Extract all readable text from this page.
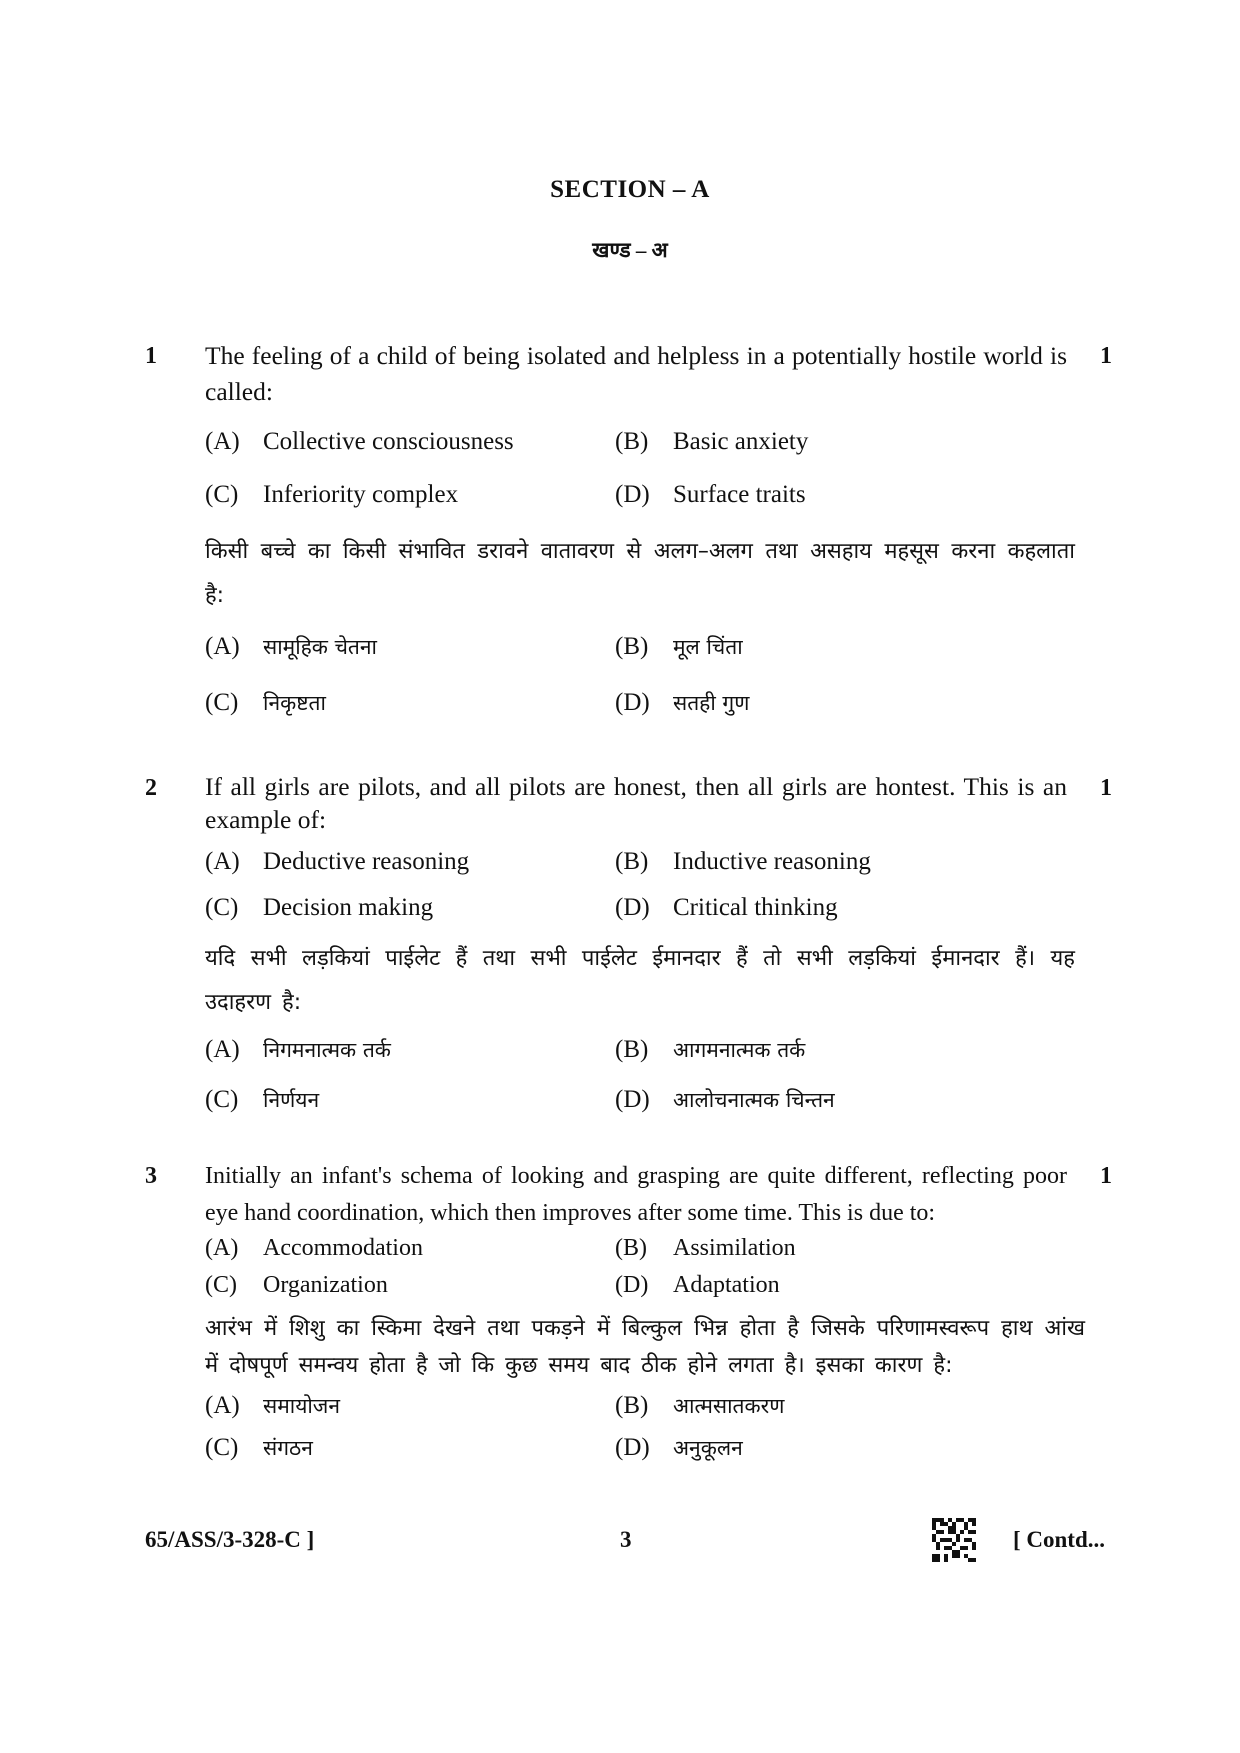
SECTION – A
खण्ड – अ
1	1
The feeling of a child of being isolated and helpless in a potentially hostile world is called:
(A) Collective consciousness	(B) Basic anxiety
(C) Inferiority complex	(D) Surface traits
किसी बच्चे का किसी संभावित डरावने वातावरण से अलग–अलग तथा असहाय महसूस करना कहलाता है:
(A) सामूहिक चेतना	(B) मूल चिंता
(C) निकृष्टता	(D) सतही गुण
2	1
If all girls are pilots, and all pilots are honest, then all girls are hontest. This is an example of:
(A) Deductive reasoning	(B) Inductive reasoning
(C) Decision making	(D) Critical thinking
यदि सभी लड़कियां पाईलेट हैं तथा सभी पाईलेट ईमानदार हैं तो सभी लड़कियां ईमानदार हैं। यह उदाहरण है:
(A) निगमनात्मक तर्क	(B) आगमनात्मक तर्क
(C) निर्णयन	(D) आलोचनात्मक चिन्तन
3	1
Initially an infant's schema of looking and grasping are quite different, reflecting poor eye hand coordination, which then improves after some time. This is due to:
(A) Accommodation	(B) Assimilation
(C) Organization	(D) Adaptation
आरंभ में शिशु का स्किमा देखने तथा पकड़ने में बिल्कुल भिन्न होता है जिसके परिणामस्वरूप हाथ आंख में दोषपूर्ण समन्वय होता है जो कि कुछ समय बाद ठीक होने लगता है। इसका कारण है:
(A) समायोजन	(B) आत्मसातकरण
(C) संगठन	(D) अनुकूलन
65/ASS/3-328-C ]	3	[ Contd...
